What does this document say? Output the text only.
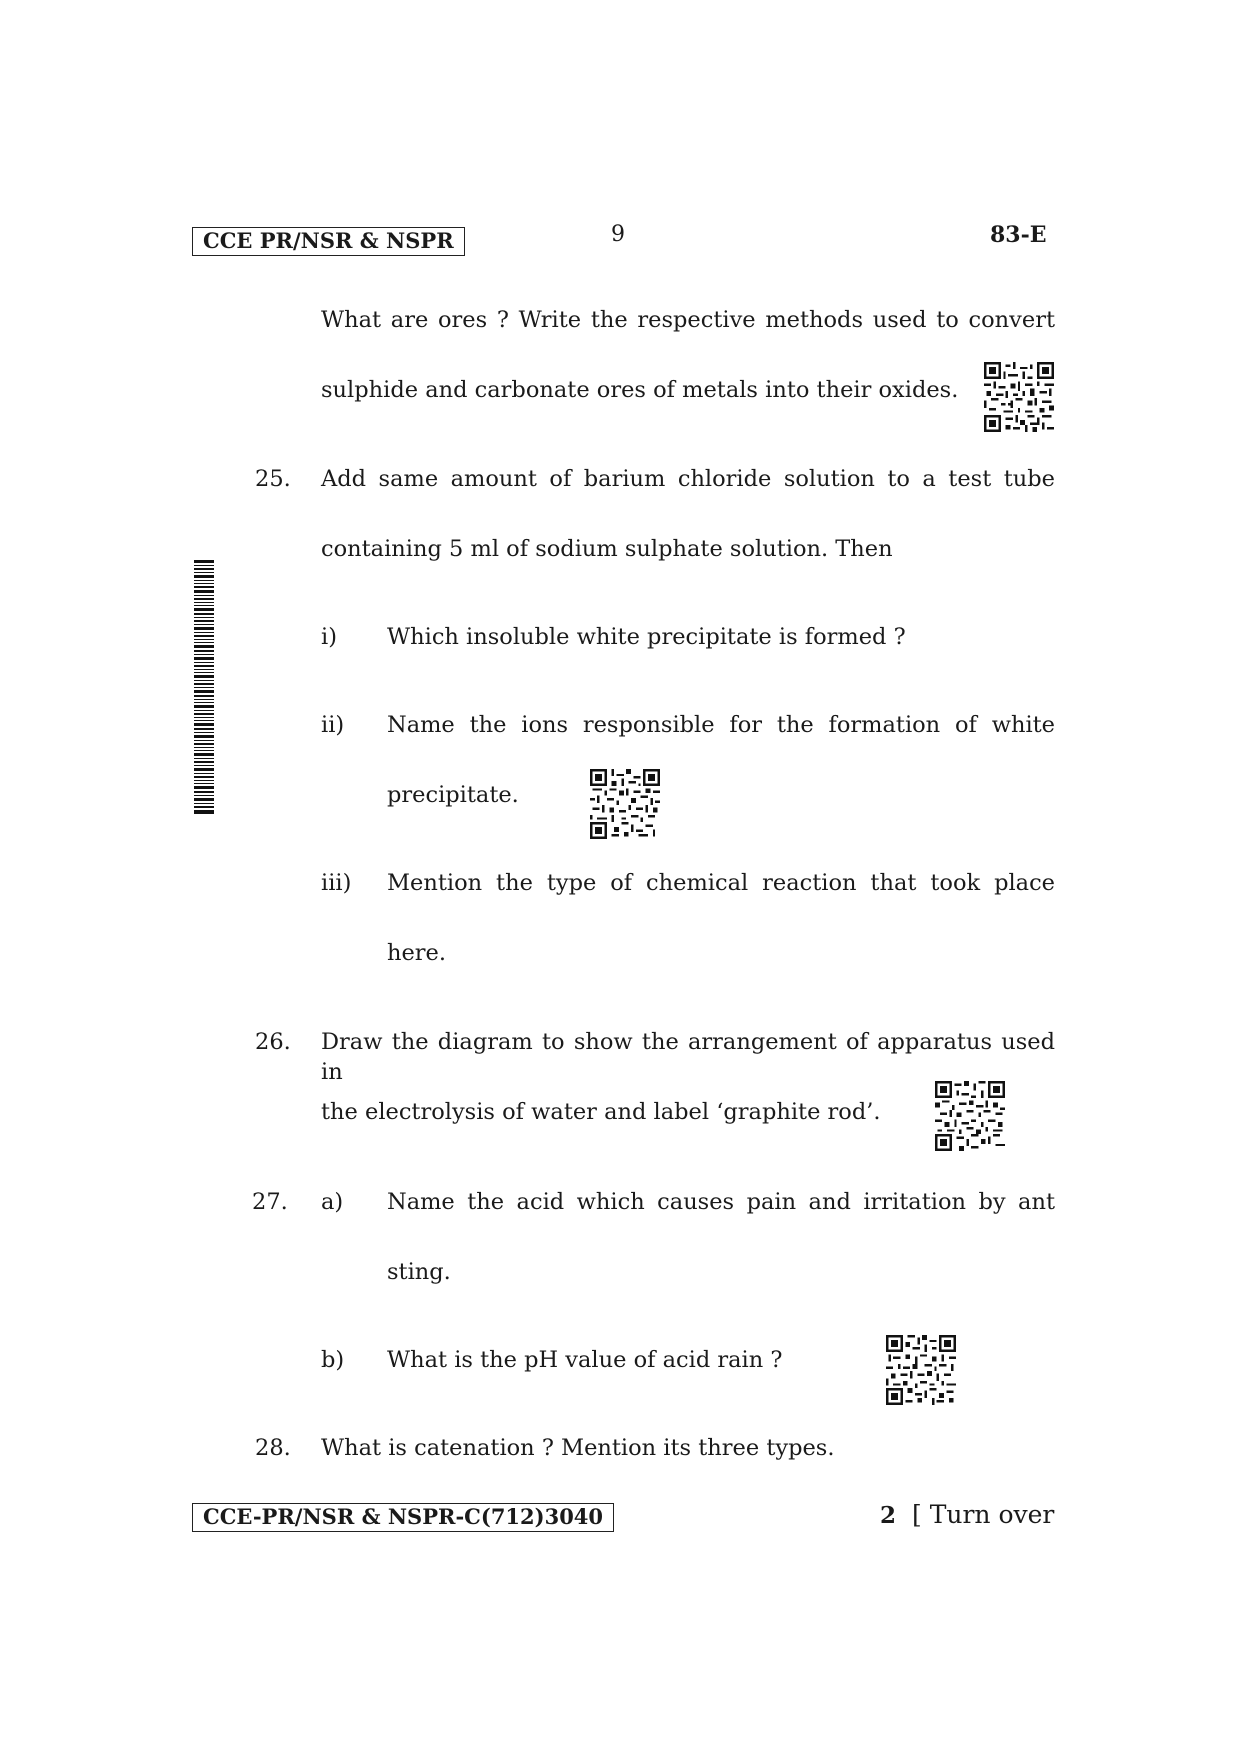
CCE PR/NSR & NSPR	9	83-E
What are ores ? Write the respective methods used to convert
sulphide and carbonate ores of metals into their oxides.
25. Add same amount of barium chloride solution to a test tube
containing 5 ml of sodium sulphate solution. Then
i) Which insoluble white precipitate is formed ?
ii) Name the ions responsible for the formation of white
precipitate.
iii) Mention the type of chemical reaction that took place
here.
26. Draw the diagram to show the arrangement of apparatus used in
the electrolysis of water and label ‘graphite rod’.
27. a) Name the acid which causes pain and irritation by ant
sting.
b) What is the pH value of acid rain ?
28. What is catenation ? Mention its three types.
CCE-PR/NSR & NSPR-C(712)3040	2 [ Turn over
